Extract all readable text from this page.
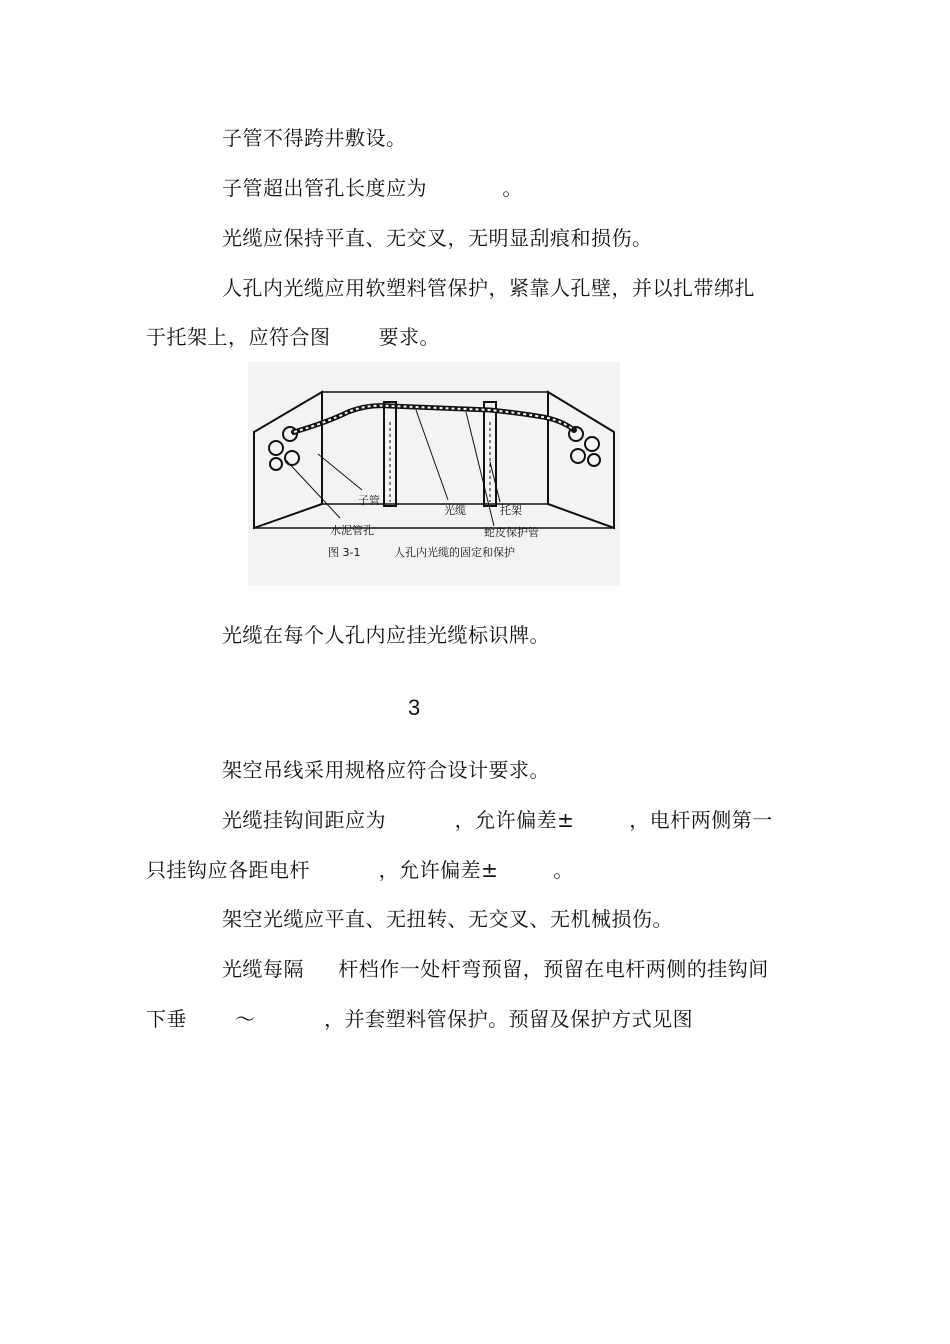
子管不得跨井敷设。
子管超出管孔长度应为           。
光缆应保持平直、无交叉，无明显刮痕和损伤。
人孔内光缆应用软塑料管保护，紧靠人孔壁，并以扎带绑扎
于托架上，应符合图       要求。
子管
光缆	托架
水泥管孔	蛇皮保护管
图 3-1	人孔内光缆的固定和保护
光缆在每个人孔内应挂光缆标识牌。
3
架空吊线采用规格应符合设计要求。
光缆挂钩间距应为          ，允许偏差±        ，电杆两侧第一
只挂钩应各距电杆          ，允许偏差±        。
架空光缆应平直、无扭转、无交叉、无机械损伤。
光缆每隔     杆档作一处杆弯预留，预留在电杆两侧的挂钩间
下垂       ～          ，并套塑料管保护。预留及保护方式见图
